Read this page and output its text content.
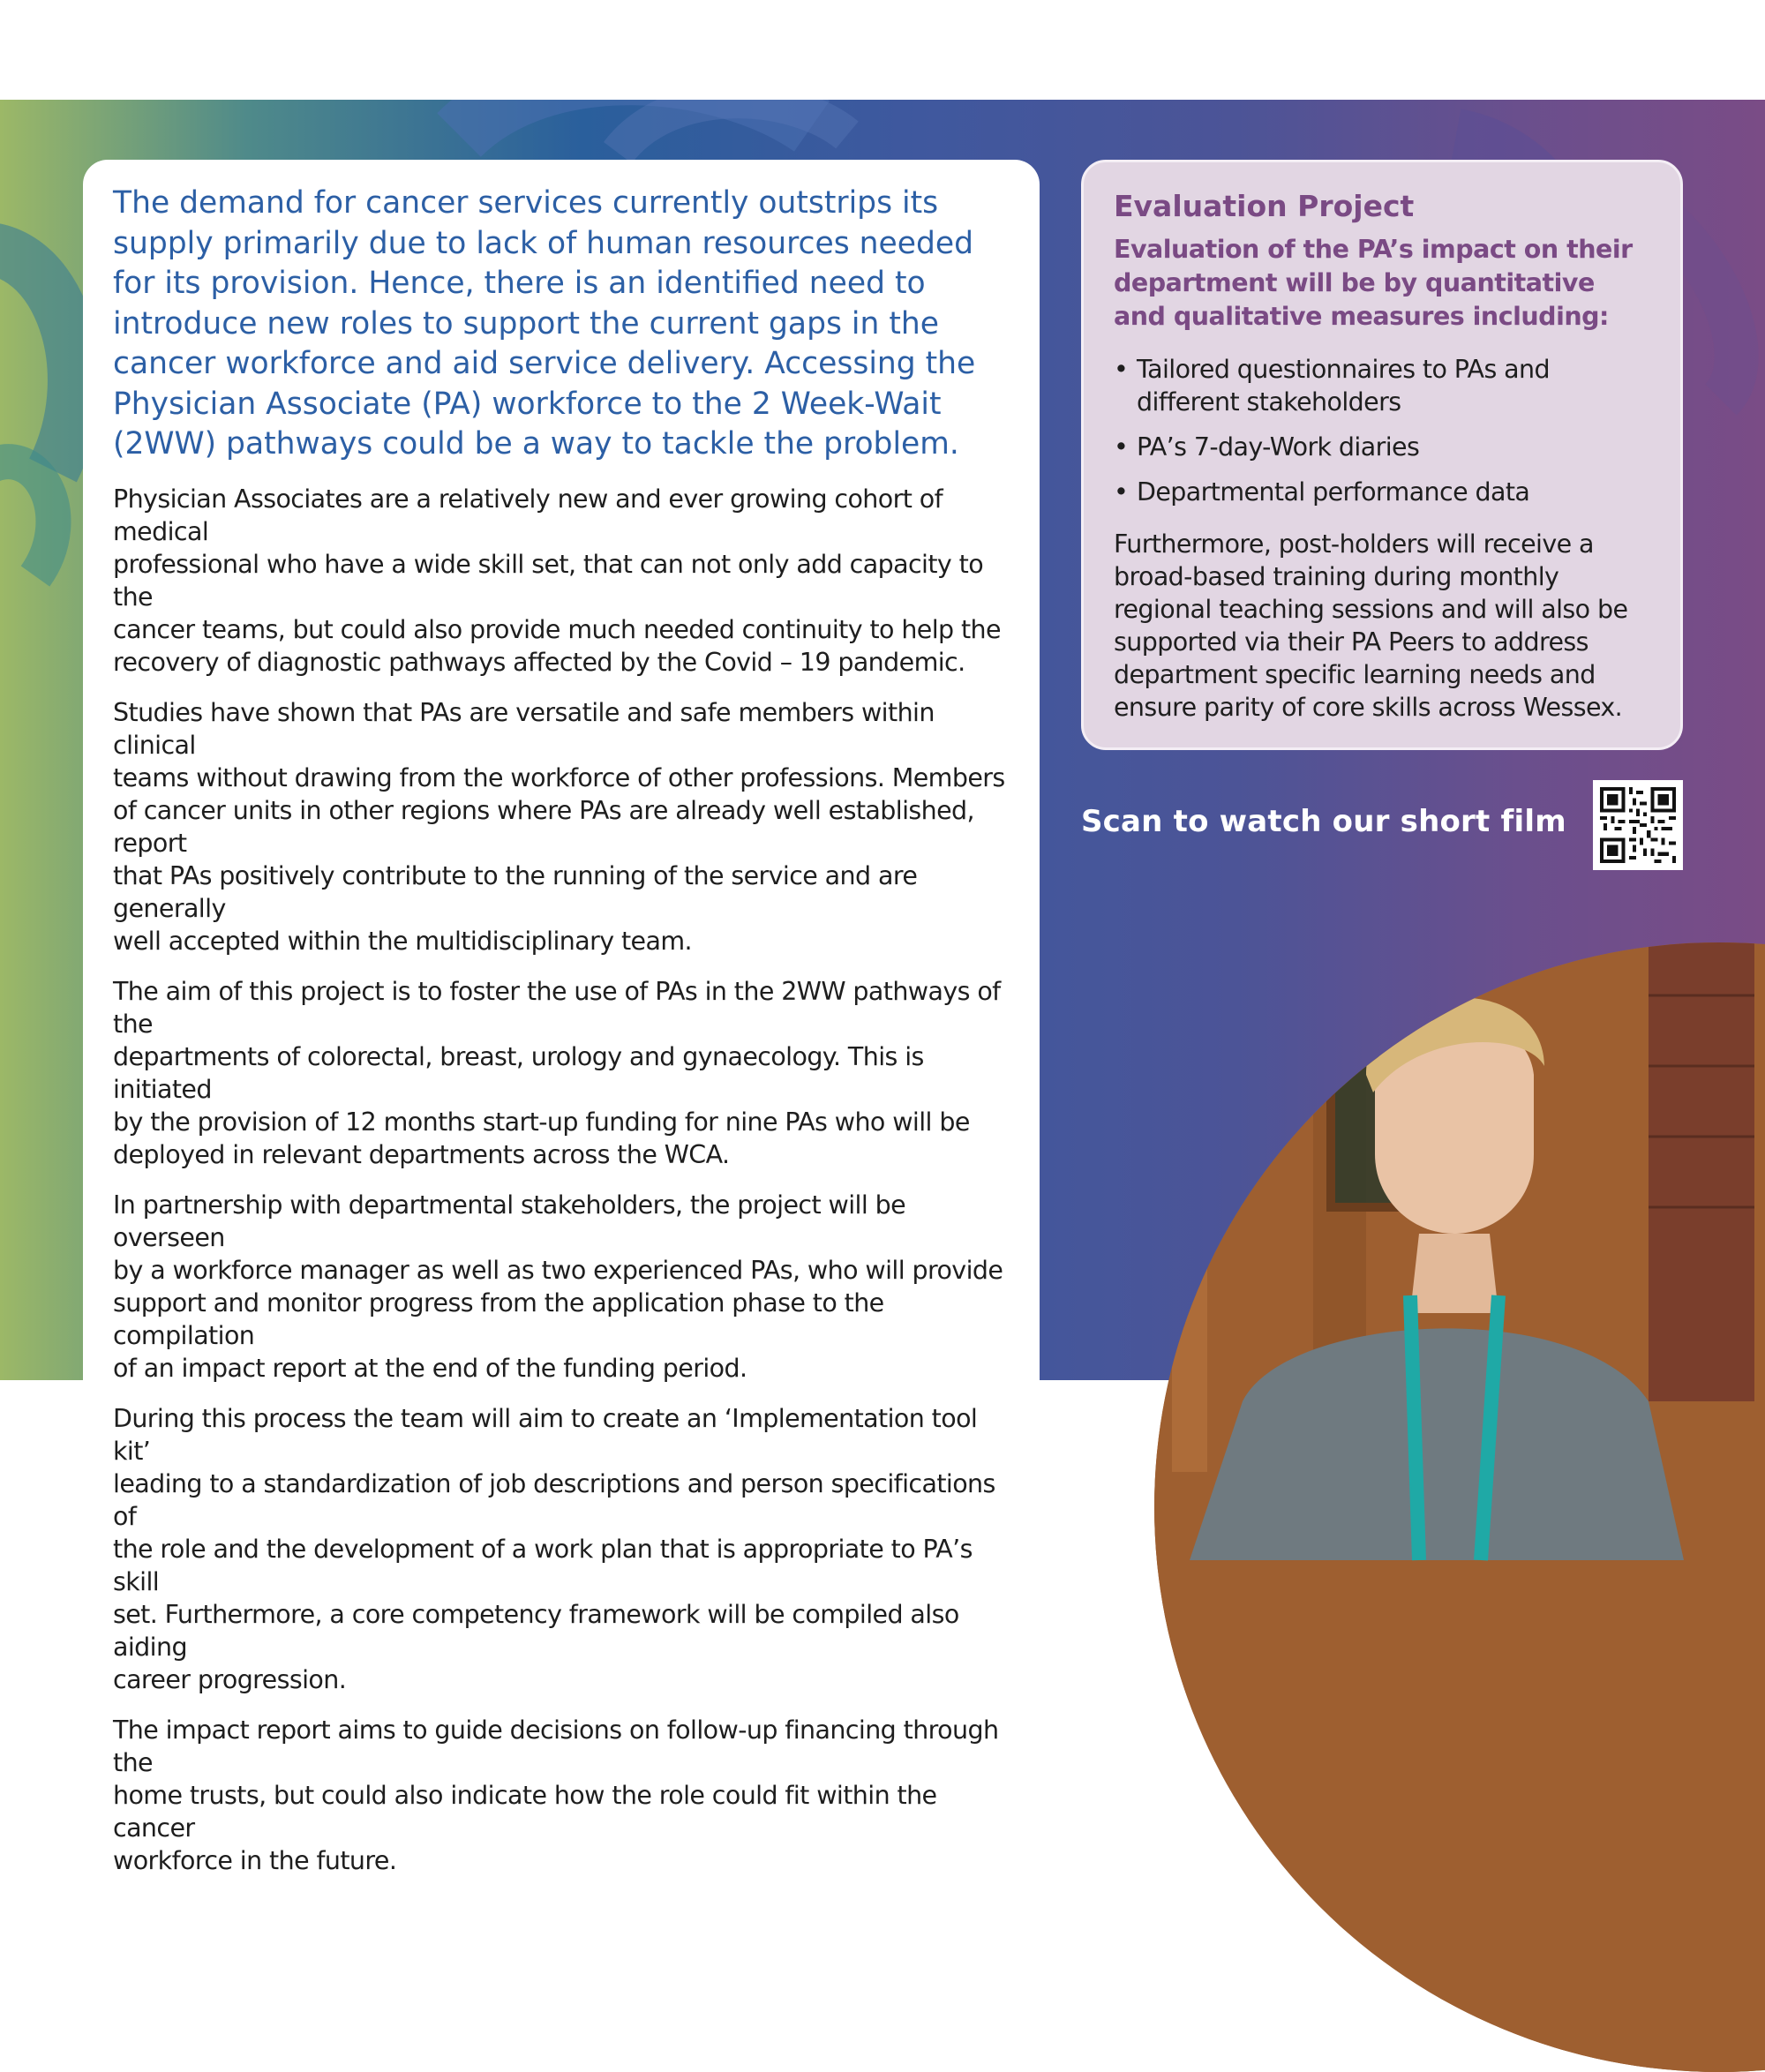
The demand for cancer services currently outstrips its supply primarily due to lack of human resources needed for its provision. Hence, there is an identified need to introduce new roles to support the current gaps in the cancer workforce and aid service delivery. Accessing the Physician Associate (PA) workforce to the 2 Week-Wait (2WW) pathways could be a way to tackle the problem.

Physician Associates are a relatively new and ever growing cohort of medical
professional who have a wide skill set, that can not only add capacity to the
cancer teams, but could also provide much needed continuity to help the
recovery of diagnostic pathways affected by the Covid – 19 pandemic.

Studies have shown that PAs are versatile and safe members within clinical
teams without drawing from the workforce of other professions. Members
of cancer units in other regions where PAs are already well established, report
that PAs positively contribute to the running of the service and are generally
well accepted within the multidisciplinary team.

The aim of this project is to foster the use of PAs in the 2WW pathways of the
departments of colorectal, breast, urology and gynaecology. This is initiated
by the provision of 12 months start-up funding for nine PAs who will be
deployed in relevant departments across the WCA.

In partnership with departmental stakeholders, the project will be overseen
by a workforce manager as well as two experienced PAs, who will provide
support and monitor progress from the application phase to the compilation
of an impact report at the end of the funding period.

During this process the team will aim to create an ‘Implementation tool kit’
leading to a standardization of job descriptions and person specifications of
the role and the development of a work plan that is appropriate to PA’s skill
set. Furthermore, a core competency framework will be compiled also aiding
career progression.

The impact report aims to guide decisions on follow-up financing through the
home trusts, but could also indicate how the role could fit within the cancer
workforce in the future.

Evaluation Project

Evaluation of the PA’s impact on their department will be by quantitative and qualitative measures including:

• Tailored questionnaires to PAs and different stakeholders
• PA’s 7-day-Work diaries
• Departmental performance data

Furthermore, post-holders will receive a broad-based training during monthly regional teaching sessions and will also be supported via their PA Peers to address department specific learning needs and ensure parity of core skills across Wessex.

Scan to watch our short film
